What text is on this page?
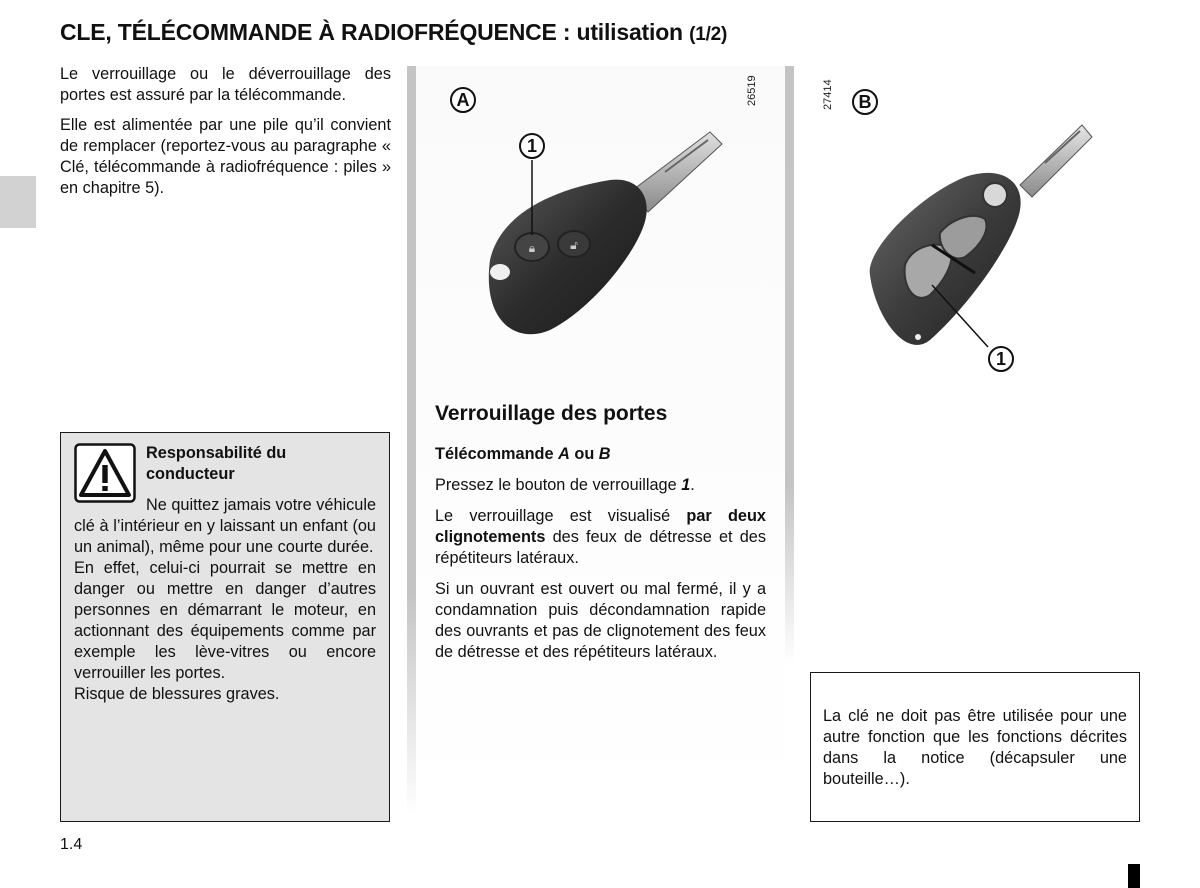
CLE, TÉLÉCOMMANDE À RADIOFRÉQUENCE : utilisation (1/2)

Le verrouillage ou le déverrouillage des portes est assuré par la télécommande.

Elle est alimentée par une pile qu’il convient de remplacer (reportez-vous au paragraphe « Clé, télécommande à radiofréquence : piles » en chapitre 5).

Responsabilité du conducteur
Ne quittez jamais votre véhicule clé à l’intérieur en y laissant un enfant (ou un animal), même pour une courte durée.
En effet, celui-ci pourrait se mettre en danger ou mettre en danger d’autres personnes en démarrant le moteur, en actionnant des équipements comme par exemple les lève-vitres ou encore verrouiller les portes.
Risque de blessures graves.
A	26519
🔒︎	🔓︎
1
27414	B
1
Verrouillage des portes

Télécommande A ou B

Pressez le bouton de verrouillage 1.

Le verrouillage est visualisé par deux clignotements des feux de détresse et des répétiteurs latéraux.

Si un ouvrant est ouvert ou mal fermé, il y a condamnation puis décondamnation rapide des ouvrants et pas de clignotement des feux de détresse et des répétiteurs latéraux.

La clé ne doit pas être utilisée pour une autre fonction que les fonctions décrites dans la notice (décapsuler une bouteille…).
1.4
